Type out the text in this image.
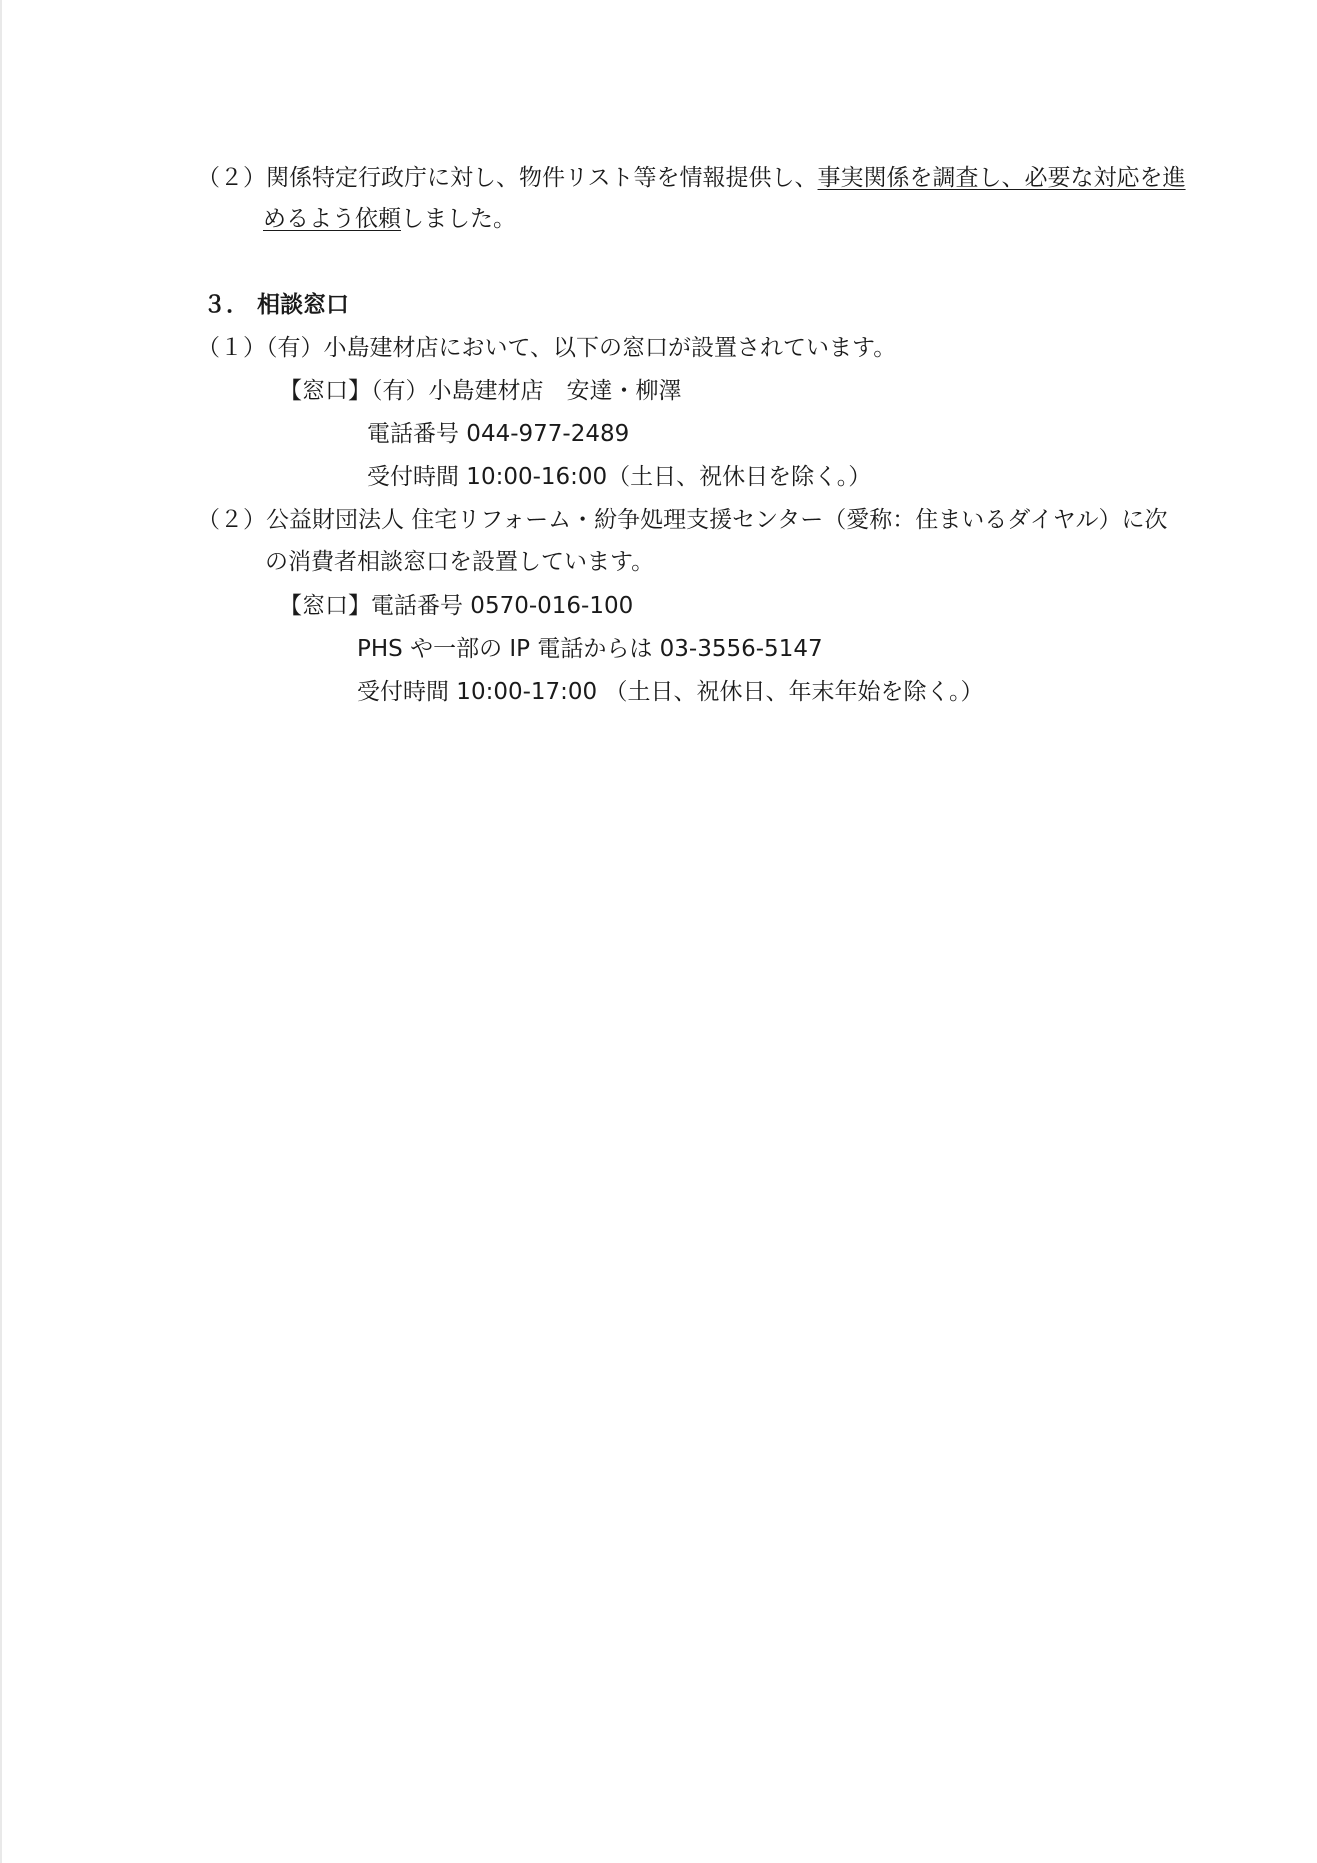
（２）関係特定行政庁に対し、物件リスト等を情報提供し、事実関係を調査し、必要な対応を進
めるよう依頼しました。
３． 相談窓口
（１）（有）小島建材店において、以下の窓口が設置されています。
【窓口】（有）小島建材店　安達・柳澤
電話番号 044-977-2489
受付時間 10:00-16:00（土日、祝休日を除く。）
（２）公益財団法人 住宅リフォーム・紛争処理支援センター（愛称：住まいるダイヤル）に次
の消費者相談窓口を設置しています。
【窓口】電話番号 0570-016-100
PHS や一部の IP 電話からは 03-3556-5147
受付時間 10:00-17:00 （土日、祝休日、年末年始を除く。）
